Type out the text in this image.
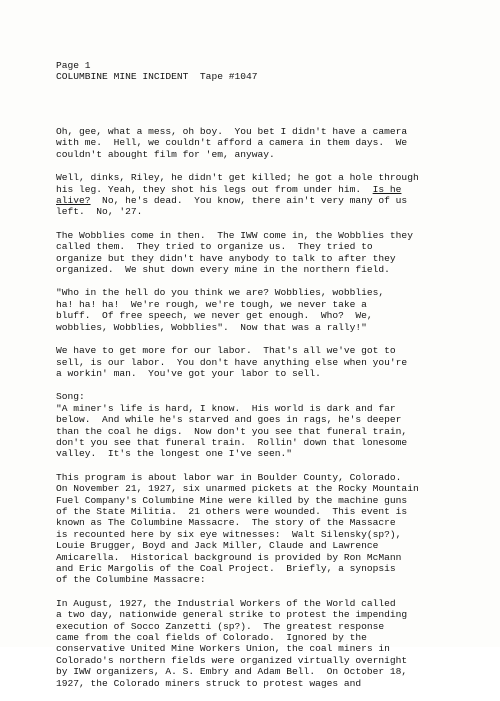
Page 1
COLUMBINE MINE INCIDENT  Tape #1047
Oh, gee, what a mess, oh boy.  You bet I didn't have a camera
with me.  Hell, we couldn't afford a camera in them days.  We
couldn't abought film for 'em, anyway.
Well, dinks, Riley, he didn't get killed; he got a hole through
his leg. Yeah, they shot his legs out from under him.  Is he
alive?  No, he's dead.  You know, there ain't very many of us
left.  No, '27.
The Wobblies come in then.  The IWW come in, the Wobblies they
called them.  They tried to organize us.  They tried to
organize but they didn't have anybody to talk to after they
organized.  We shut down every mine in the northern field.
"Who in the hell do you think we are? Wobblies, wobblies,
ha! ha! ha!  We're rough, we're tough, we never take a
bluff.  Of free speech, we never get enough.  Who?  We,
wobblies, Wobblies, Wobblies".  Now that was a rally!"
We have to get more for our labor.  That's all we've got to
sell, is our labor.  You don't have anything else when you're
a workin' man.  You've got your labor to sell.
Song:
"A miner's life is hard, I know.  His world is dark and far
below.  And while he's starved and goes in rags, he's deeper
than the coal he digs.  Now don't you see that funeral train,
don't you see that funeral train.  Rollin' down that lonesome
valley.  It's the longest one I've seen."
This program is about labor war in Boulder County, Colorado.
On November 21, 1927, six unarmed pickets at the Rocky Mountain
Fuel Company's Columbine Mine were killed by the machine guns
of the State Militia.  21 others were wounded.  This event is
known as The Columbine Massacre.  The story of the Massacre
is recounted here by six eye witnesses:  Walt Silensky(sp?),
Louie Brugger, Boyd and Jack Miller, Claude and Lawrence
Amicarella.  Historical background is provided by Ron McMann
and Eric Margolis of the Coal Project.  Briefly, a synopsis
of the Columbine Massacre:
In August, 1927, the Industrial Workers of the World called
a two day, nationwide general strike to protest the impending
execution of Socco Zanzetti (sp?).  The greatest response
came from the coal fields of Colorado.  Ignored by the
conservative United Mine Workers Union, the coal miners in
Colorado's northern fields were organized virtually overnight
by IWW organizers, A. S. Embry and Adam Bell.  On October 18,
1927, the Colorado miners struck to protest wages and
